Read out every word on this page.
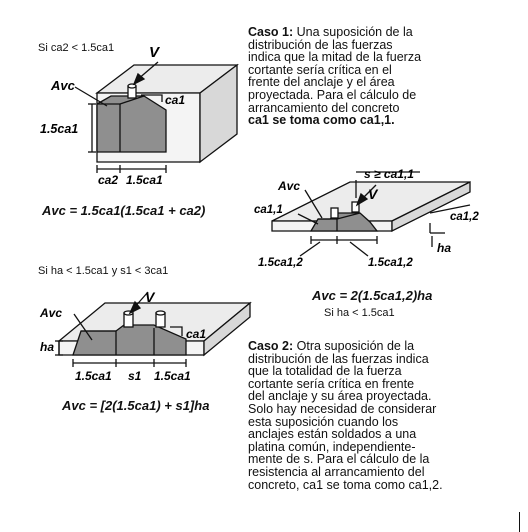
Si ca2 < 1.5ca1
Avc
V
ca1
1.5ca1
ca2 1.5ca1	Avc
s ≥ ca1,1
V
ca1,1
ca1,2
ha
1.5ca1,2	1.5ca1,2
Avc
V
ca1
ha
1.5ca1 s1 1.5ca1
Avc = 1.5ca1(1.5ca1 + ca2)

Caso 1: Una suposición de la

distribución de las fuerzas

indica que la mitad de la fuerza

cortante sería crítica en el

frente del anclaje y el área

proyectada. Para el cálculo de

arrancamiento del concreto

ca1 se toma como ca1,1.

Avc = 2(1.5ca1,2)ha
Si ha < 1.5ca1
Si ha < 1.5ca1 y s1 < 3ca1
Avc = [2(1.5ca1) + s1]ha

Caso 2: Otra suposición de la

distribución de las fuerzas indica

que la totalidad de la fuerza

cortante sería crítica en frente

del anclaje y su área proyectada.

Solo hay necesidad de considerar

esta suposición cuando los

anclajes están soldados a una

platina común, independiente-

mente de s. Para el cálculo de la

resistencia al arrancamiento del

concreto, ca1 se toma como ca1,2.
